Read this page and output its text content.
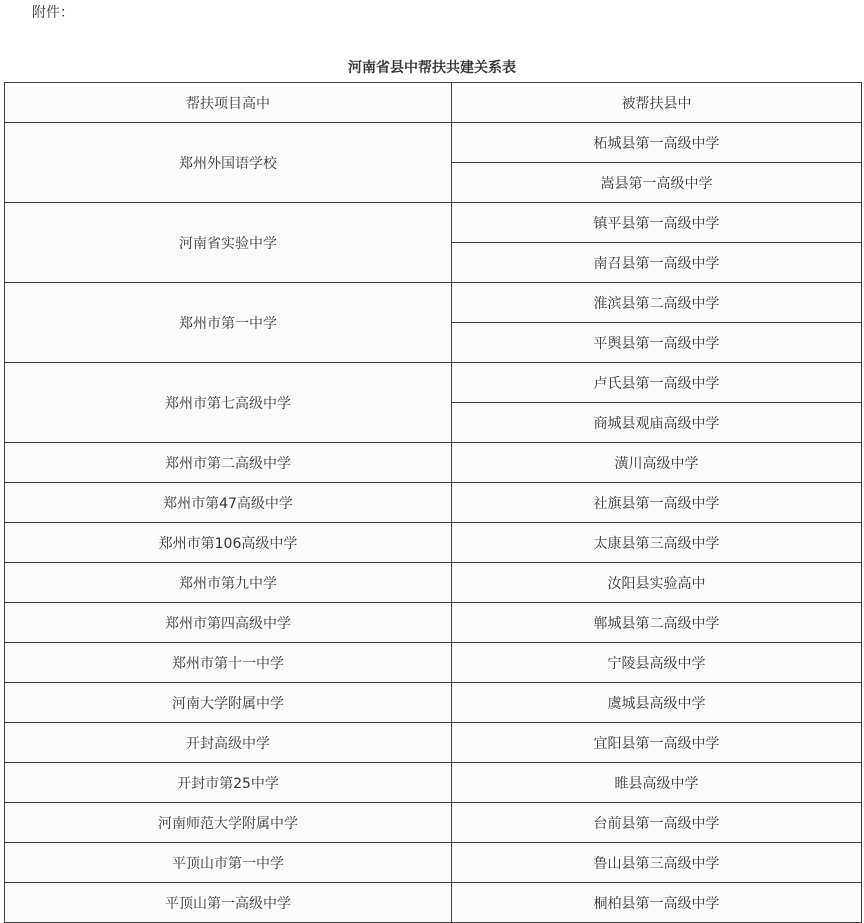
附件：
河南省县中帮扶共建关系表
帮扶项目高中	被帮扶县中
郑州外国语学校	柘城县第一高级中学
	嵩县第一高级中学
河南省实验中学	镇平县第一高级中学
	南召县第一高级中学
郑州市第一中学	淮滨县第二高级中学
	平舆县第一高级中学
郑州市第七高级中学	卢氏县第一高级中学
	商城县观庙高级中学
郑州市第二高级中学	潢川高级中学
郑州市第47高级中学	社旗县第一高级中学
郑州市第106高级中学	太康县第三高级中学
郑州市第九中学	汝阳县实验高中
郑州市第四高级中学	郸城县第二高级中学
郑州市第十一中学	宁陵县高级中学
河南大学附属中学	虞城县高级中学
开封高级中学	宜阳县第一高级中学
开封市第25中学	睢县高级中学
河南师范大学附属中学	台前县第一高级中学
平顶山市第一中学	鲁山县第三高级中学
平顶山第一高级中学	桐柏县第一高级中学
